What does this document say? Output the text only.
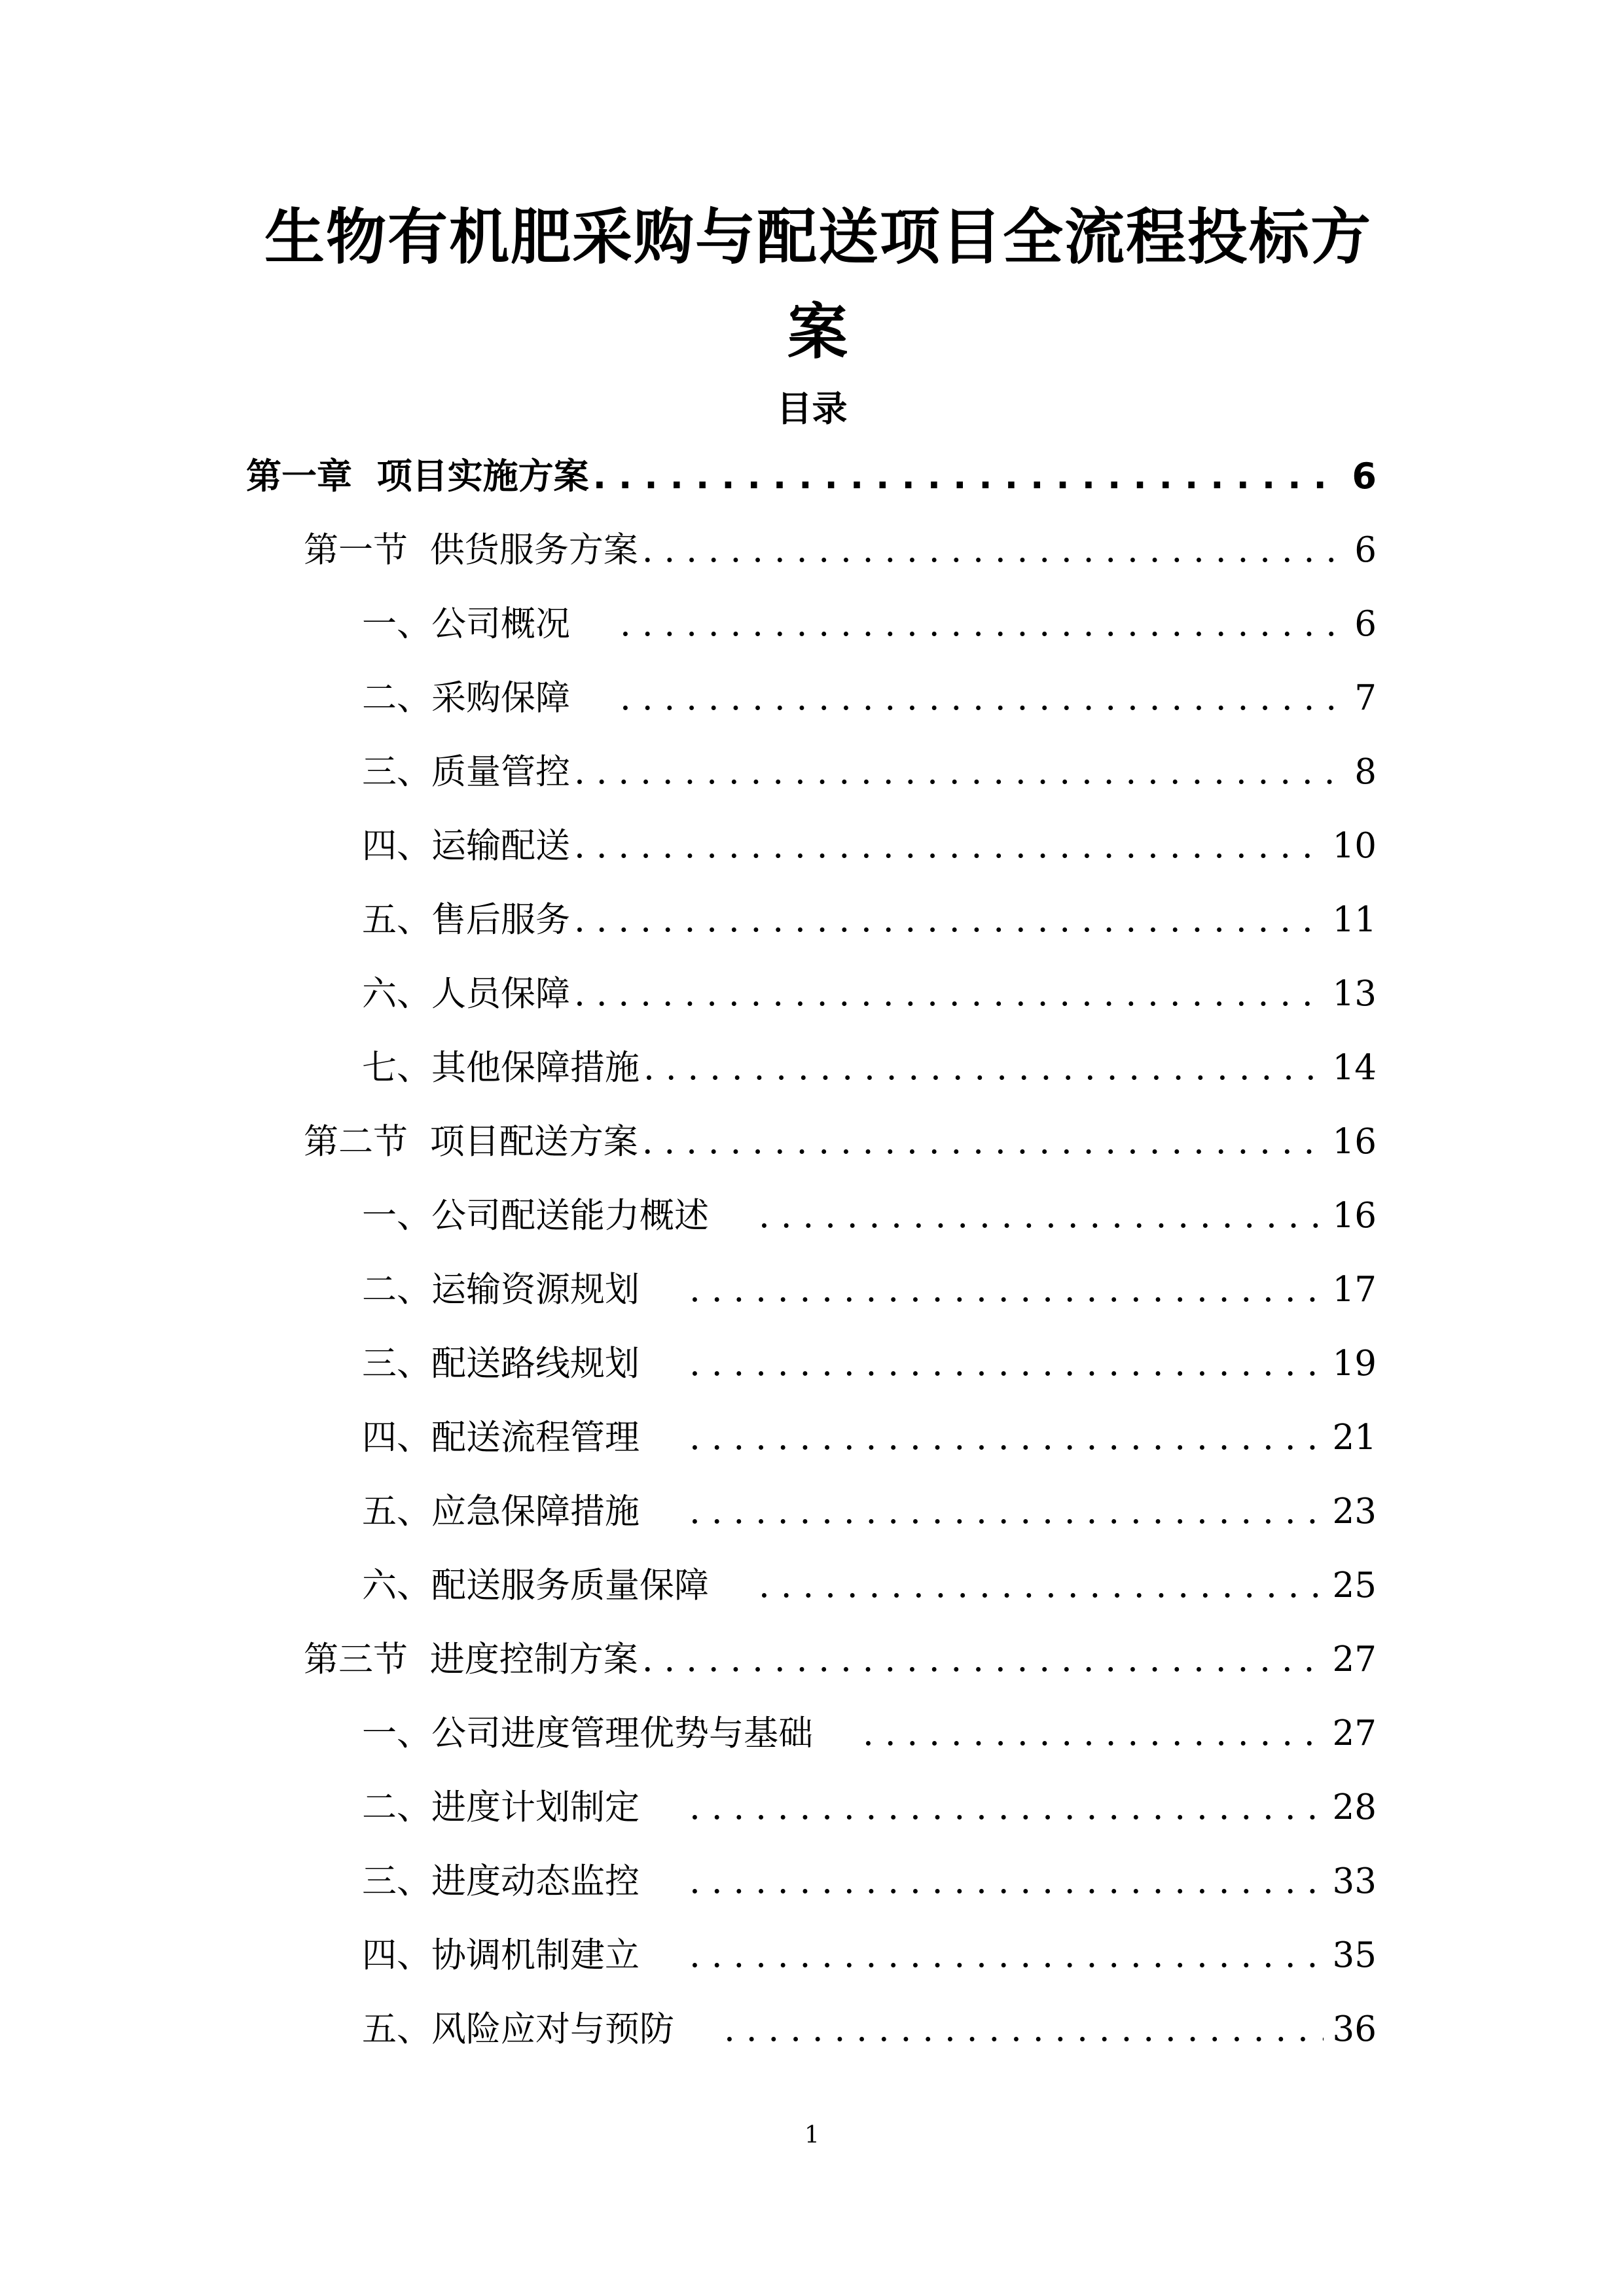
生物有机肥采购与配送项目全流程投标方
案
目录
第一章  项目实施方案 . . .	6
第一节  供货服务方案 . . .	6
一、公司概况 . . .	6
二、采购保障 . . .	7
三、质量管控 . . .	8
四、运输配送 . . .	10
五、售后服务 . . .	11
六、人员保障 . . .	13
七、其他保障措施 . . .	14
第二节  项目配送方案 . . .	16
一、公司配送能力概述 . . .	16
二、运输资源规划 . . .	17
三、配送路线规划 . . .	19
四、配送流程管理 . . .	21
五、应急保障措施 . . .	23
六、配送服务质量保障 . . .	25
第三节  进度控制方案 . . .	27
一、公司进度管理优势与基础 . . .	27
二、进度计划制定 . . .	28
三、进度动态监控 . . .	33
四、协调机制建立 . . .	35
五、风险应对与预防 . . .	36
1
